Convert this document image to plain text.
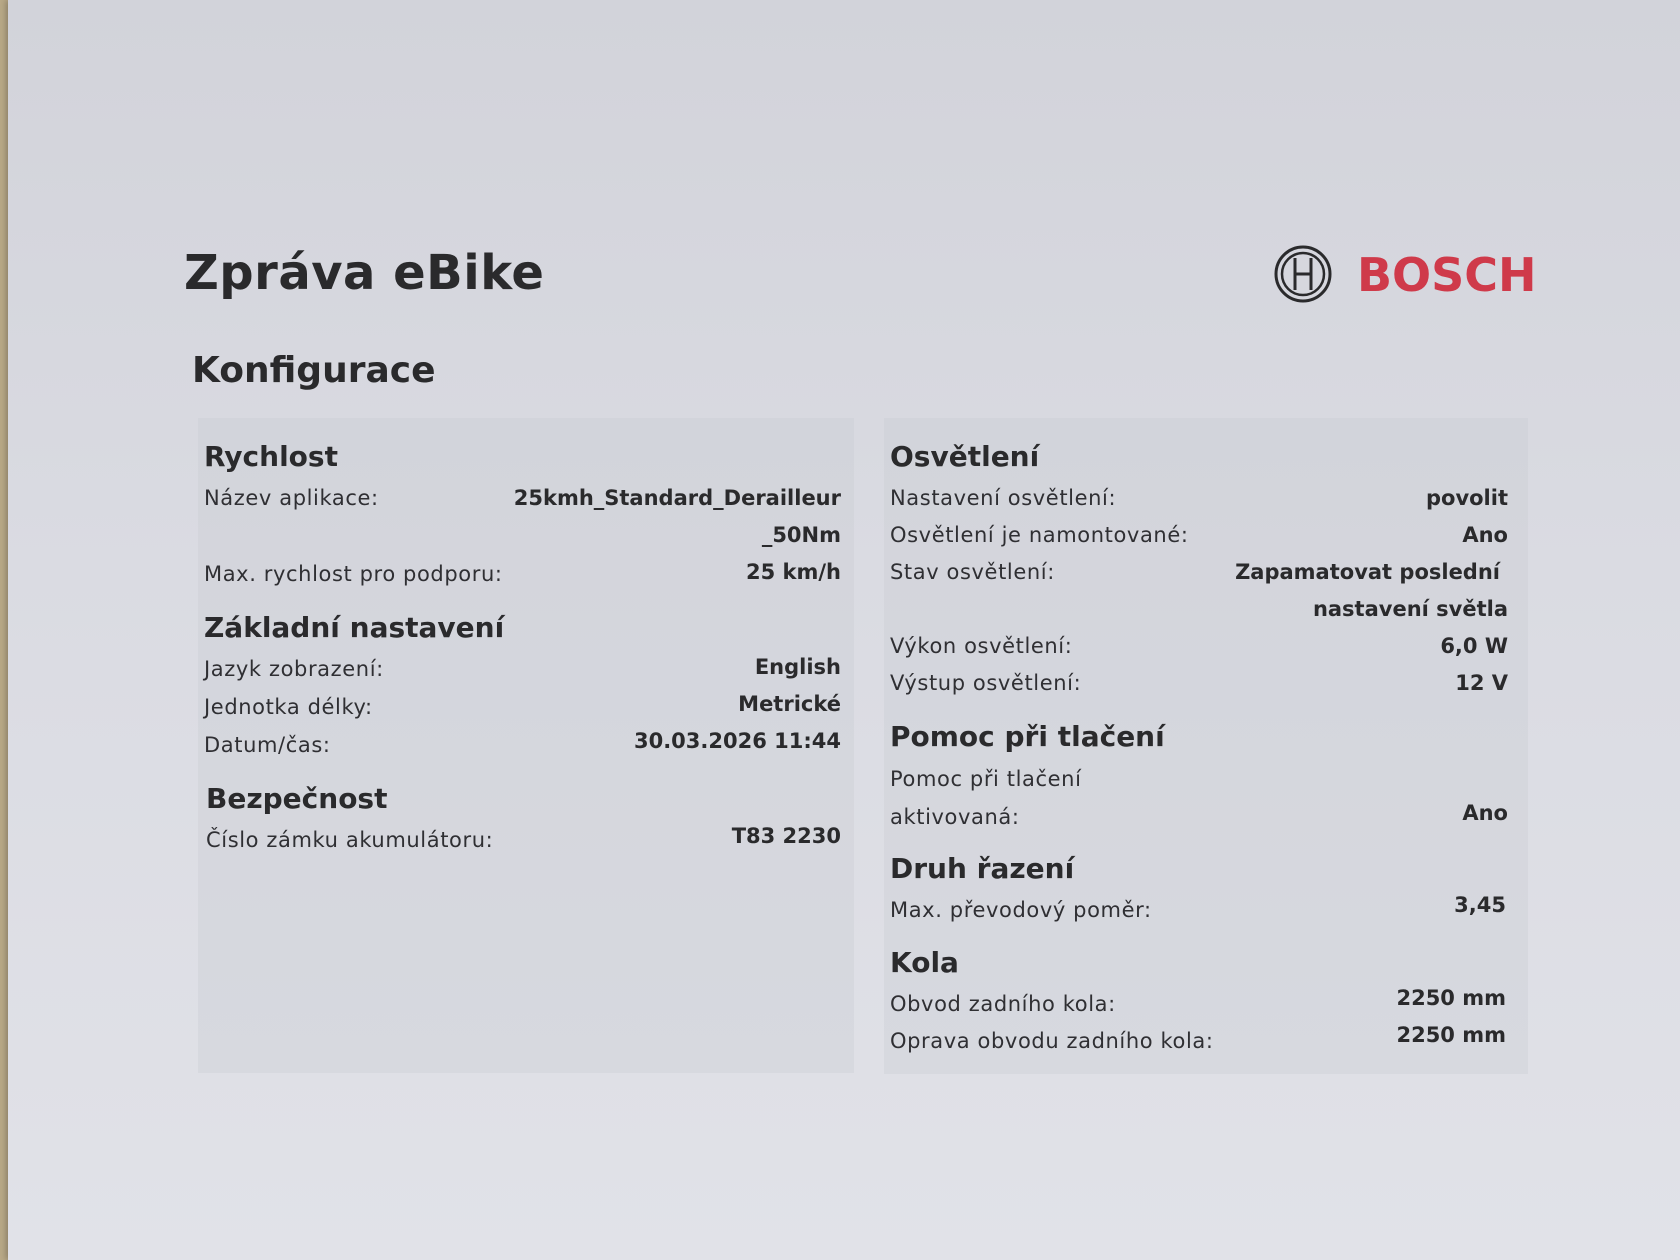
Zpráva eBike	BOSCH
Konfigurace
Rychlost
Název aplikace:	25kmh_Standard_Derailleur
_50Nm
Max. rychlost pro podporu:	25 km/h
Základní nastavení
Jazyk zobrazení:	English
Jednotka délky:	Metrické
Datum/čas:	30.03.2026 11:44
Bezpečnost
Číslo zámku akumulátoru:	T83 2230
Osvětlení
Nastavení osvětlení:	povolit
Osvětlení je namontované:	Ano
Stav osvětlení:	Zapamatovat poslední
nastavení světla
Výkon osvětlení:	6,0 W
Výstup osvětlení:	12 V
Pomoc při tlačení
Pomoc při tlačení
aktivovaná:	Ano
Druh řazení
Max. převodový poměr:	3,45
Kola
Obvod zadního kola:	2250 mm
Oprava obvodu zadního kola:	2250 mm
